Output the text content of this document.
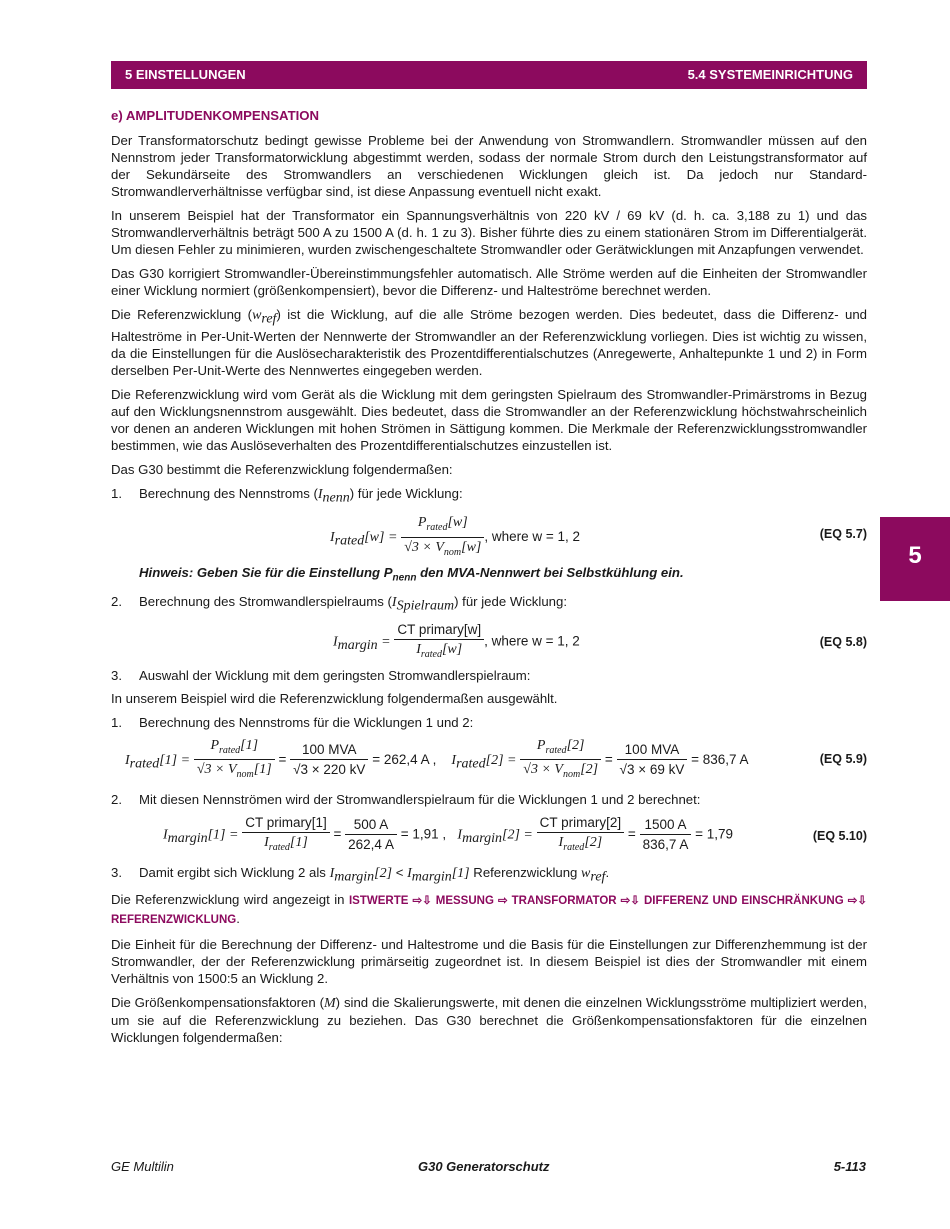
5 EINSTELLUNGEN	5.4 SYSTEMEINRICHTUNG
5
e) AMPLITUDENKOMPENSATION

Der Transformatorschutz bedingt gewisse Probleme bei der Anwendung von Stromwandlern. Stromwandler müssen auf den Nennstrom jeder Transformatorwicklung abgestimmt werden, sodass der normale Strom durch den Leistungstransformator auf der Sekundärseite des Stromwandlers an verschiedenen Wicklungen gleich ist. Da jedoch nur Standard-Stromwandlerverhältnisse verfügbar sind, ist diese Anpassung eventuell nicht exakt.

In unserem Beispiel hat der Transformator ein Spannungsverhältnis von 220 kV / 69 kV (d. h. ca. 3,188 zu 1) und das Stromwandlerverhältnis beträgt 500 A zu 1500 A (d. h. 1 zu 3). Bisher führte dies zu einem stationären Strom im Differentialgerät. Um diesen Fehler zu minimieren, wurden zwischengeschaltete Stromwandler oder Gerätwicklungen mit Anzapfungen verwendet.

Das G30 korrigiert Stromwandler-Übereinstimmungsfehler automatisch. Alle Ströme werden auf die Einheiten der Stromwandler einer Wicklung normiert (größenkompensiert), bevor die Differenz- und Halteströme berechnet werden.

Die Referenzwicklung $(w_{ref})$ ist die Wicklung, auf die alle Ströme bezogen werden. Dies bedeutet, dass die Differenz- und Halteströme in Per-Unit-Werten der Nennwerte der Stromwandler an der Referenzwicklung vorliegen. Dies ist wichtig zu wissen, da die Einstellungen für die Auslösecharakteristik des Prozentdifferentialschutzes (Anregewerte, Anhaltepunkte 1 und 2) in Form derselben Per-Unit-Werte des Nennwertes eingegeben werden.

Die Referenzwicklung wird vom Gerät als die Wicklung mit dem geringsten Spielraum des Stromwandler-Primärstroms in Bezug auf den Wicklungsnennstrom ausgewählt. Dies bedeutet, dass die Stromwandler an der Referenzwicklung höchstwahrscheinlich vor denen an anderen Wicklungen mit hohen Strömen in Sättigung kommen. Die Merkmale der Referenzwicklungsstromwandler bestimmen, wie das Auslöseverhalten des Prozentdifferentialschutzes einzustellen ist.

Das G30 bestimmt die Referenzwicklung folgendermaßen:

1. Berechnung des Nennstroms $(I_{nenn})$ für jede Wicklung:
$I_{rated}[w] = \frac{P_{rated}[w]}{√3 \times V_{nom}[w]}$ , where w = 1, 2	(EQ 5.7)
Hinweis: Geben Sie für die Einstellung $P_{nenn}$ den MVA-Nennwert bei Selbstkühlung ein.
2. Berechnung des Stromwandlerspielraums $(I_{Spielraum})$ für jede Wicklung:
$I_{margin} = \frac{\text{CT primary[w]}}{I_{rated}[w]}$ , where w = 1, 2	(EQ 5.8)
3. Auswahl der Wicklung mit dem geringsten Stromwandlerspielraum:

In unserem Beispiel wird die Referenzwicklung folgendermaßen ausgewählt.

1. Berechnung des Nennstroms für die Wicklungen 1 und 2:
$I_{rated}[1] = \frac{P_{rated}[1]}{√3 \times V_{nom}[1]} = \frac{\text{100 MVA}}{√3 \times 220 kV} = 262,4$ A , $I_{rated}[2] = \frac{P_{rated}[2]}{√3 \times V_{nom}[2]} = \frac{\text{100 MVA}}{√3 \times 69 kV} = 836,7$ A	(EQ 5.9)
2. Mit diesen Nennströmen wird der Stromwandlerspielraum für die Wicklungen 1 und 2 berechnet:
$I_{margin}[1] = \frac{\text{CT primary[1]}}{I_{rated}[1]} = \frac{500 A}{262,4 A} = 1,91$ , $I_{margin}[2] = \frac{\text{CT primary[2]}}{I_{rated}[2]} = \frac{1500 A}{836,7 A} = 1,79$	(EQ 5.10)
3. Damit ergibt sich Wicklung 2 als $I_{margin}[2] < I_{margin}[1]$ Referenzwicklung $w_{ref}$.

Die Referenzwicklung wird angezeigt in ISTWERTE ⇨⇩ MESSUNG ⇨ TRANSFORMATOR ⇨⇩ DIFFERENZ UND EINSCHRÄNKUNG ⇨⇩ REFERENZWICKLUNG.

Die Einheit für die Berechnung der Differenz- und Haltestrome und die Basis für die Einstellungen zur Differenzhemmung ist der Stromwandler, der der Referenzwicklung primärseitig zugeordnet ist. In diesem Beispiel ist dies der Stromwandler mit einem Verhältnis von 1500:5 an Wicklung 2.

Die Größenkompensationsfaktoren (M) sind die Skalierungswerte, mit denen die einzelnen Wicklungsströme multipliziert werden, um sie auf die Referenzwicklung zu beziehen. Das G30 berechnet die Größenkompensationsfaktoren für die einzelnen Wicklungen folgendermaßen:

GE Multilin	G30 Generatorschutz	5-113
